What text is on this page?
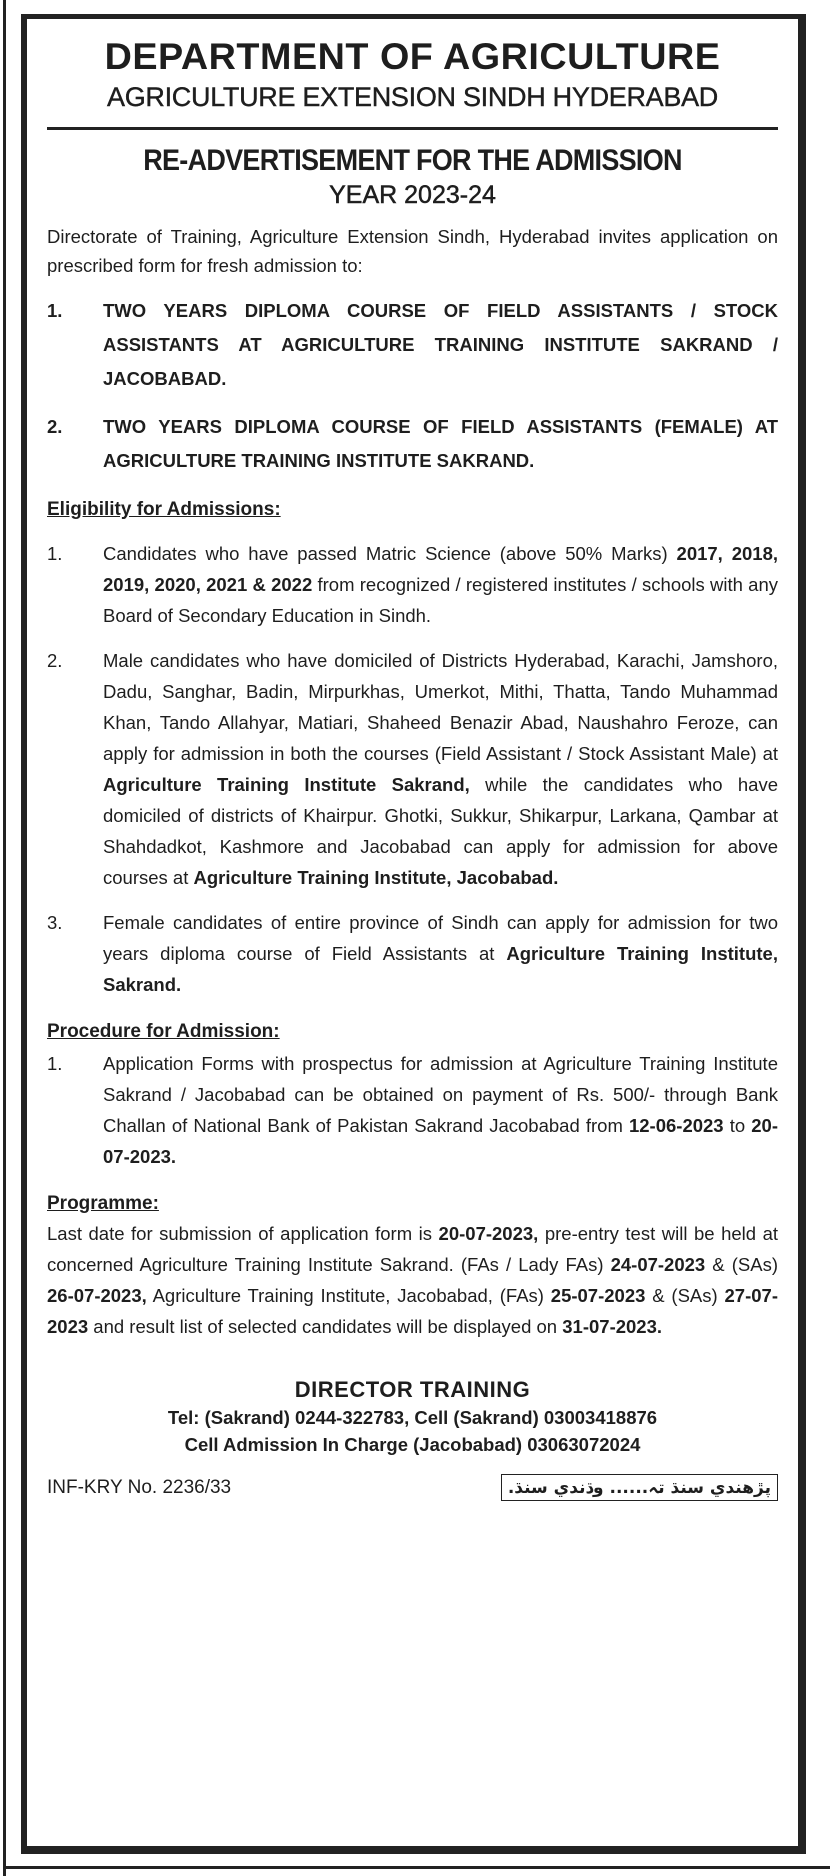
DEPARTMENT OF AGRICULTURE
AGRICULTURE EXTENSION SINDH HYDERABAD
RE-ADVERTISEMENT FOR THE ADMISSION
YEAR 2023-24
Directorate of Training, Agriculture Extension Sindh, Hyderabad invites application on prescribed form for fresh admission to:
1.	TWO YEARS DIPLOMA COURSE OF FIELD ASSISTANTS / STOCK ASSISTANTS AT AGRICULTURE TRAINING INSTITUTE SAKRAND / JACOBABAD.
2.	TWO YEARS DIPLOMA COURSE OF FIELD ASSISTANTS (FEMALE) AT AGRICULTURE TRAINING INSTITUTE SAKRAND.
Eligibility for Admissions:
1.	Candidates who have passed Matric Science (above 50% Marks) 2017, 2018, 2019, 2020, 2021 & 2022 from recognized / registered institutes / schools with any Board of Secondary Education in Sindh.
2.	Male candidates who have domiciled of Districts Hyderabad, Karachi, Jamshoro, Dadu, Sanghar, Badin, Mirpurkhas, Umerkot, Mithi, Thatta, Tando Muhammad Khan, Tando Allahyar, Matiari, Shaheed Benazir Abad, Naushahro Feroze, can apply for admission in both the courses (Field Assistant / Stock Assistant Male) at Agriculture Training Institute Sakrand, while the candidates who have domiciled of districts of Khairpur. Ghotki, Sukkur, Shikarpur, Larkana, Qambar at Shahdadkot, Kashmore and Jacobabad can apply for admission for above courses at Agriculture Training Institute, Jacobabad.
3.	Female candidates of entire province of Sindh can apply for admission for two years diploma course of Field Assistants at Agriculture Training Institute, Sakrand.
Procedure for Admission:
1.	Application Forms with prospectus for admission at Agriculture Training Institute Sakrand / Jacobabad can be obtained on payment of Rs. 500/- through Bank Challan of National Bank of Pakistan Sakrand Jacobabad from 12-06-2023 to 20-07-2023.
Programme:
Last date for submission of application form is 20-07-2023, pre-entry test will be held at concerned Agriculture Training Institute Sakrand. (FAs / Lady FAs) 24-07-2023 & (SAs) 26-07-2023, Agriculture Training Institute, Jacobabad, (FAs) 25-07-2023 & (SAs) 27-07-2023 and result list of selected candidates will be displayed on 31-07-2023.
DIRECTOR TRAINING
Tel: (Sakrand) 0244-322783, Cell (Sakrand) 03003418876
Cell Admission In Charge (Jacobabad) 03063072024
INF-KRY No. 2236/33	پڙهندي سنڌ تہ...... وڌندي سنڌ.
